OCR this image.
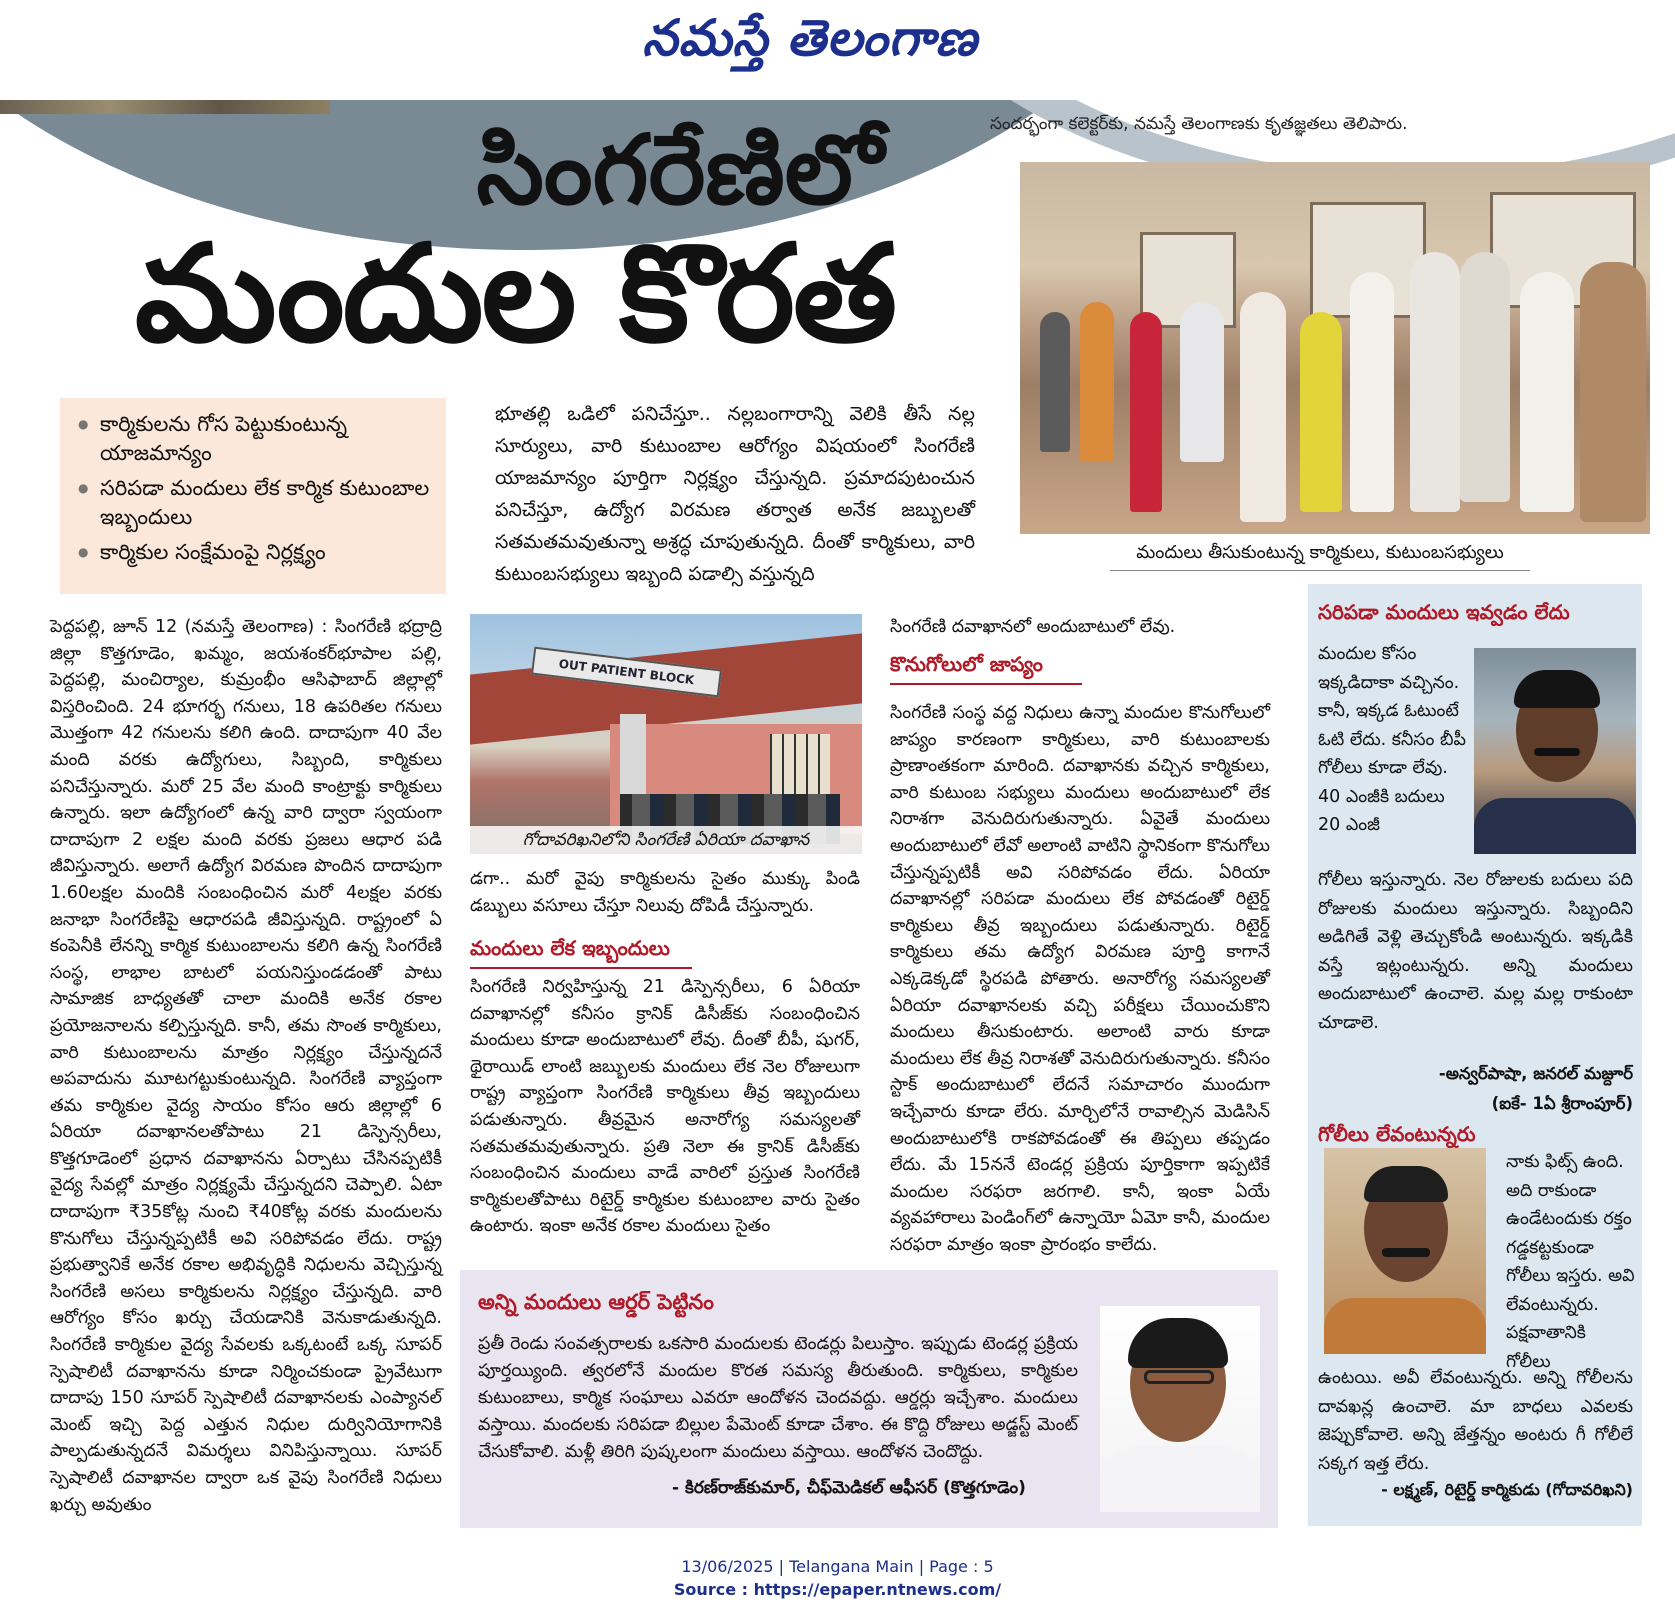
నమస్తే తెలంగాణ
సందర్భంగా కలెక్టర్‌కు, నమస్తే తెలంగాణకు కృతజ్ఞతలు తెలిపారు.
సింగరేణిలో
మందుల కొరత
● కార్మికులను గోస పెట్టుకుంటున్న యాజమాన్యం
● సరిపడా మందులు లేక కార్మిక కుటుంబాల ఇబ్బందులు
● కార్మికుల సంక్షేమంపై నిర్లక్ష్యం
భూతల్లి ఒడిలో పనిచేస్తూ.. నల్లబంగారాన్ని వెలికి తీసే నల్ల సూర్యులు, వారి కుటుంబాల ఆరోగ్యం విషయంలో సింగరేణి యాజమాన్యం పూర్తిగా నిర్లక్ష్యం చేస్తున్నది. ప్రమాదపుటంచున పనిచేస్తూ, ఉద్యోగ విరమణ తర్వాత అనేక జబ్బులతో సతమతమవుతున్నా అశ్రద్ధ చూపుతున్నది. దీంతో కార్మికులు, వారి కుటుంబసభ్యులు ఇబ్బంది పడాల్సి వస్తున్నది
మందులు తీసుకుంటున్న కార్మికులు, కుటుంబసభ్యులు
పెద్దపల్లి, జూన్ 12 (నమస్తే తెలంగాణ) : సింగరేణి భద్రాద్రి జిల్లా కొత్తగూడెం, ఖమ్మం, జయశంకర్‌భూపాల పల్లి, పెద్దపల్లి, మంచిర్యాల, కుమ్రంభీం ఆసిఫాబాద్ జిల్లాల్లో విస్తరించింది. 24 భూగర్భ గనులు, 18 ఉపరితల గనులు మొత్తంగా 42 గనులను కలిగి ఉంది. దాదాపుగా 40 వేల మంది వరకు ఉద్యోగులు, సిబ్బంది, కార్మికులు పనిచేస్తున్నారు. మరో 25 వేల మంది కాంట్రాక్టు కార్మికులు ఉన్నారు. ఇలా ఉద్యోగంలో ఉన్న వారి ద్వారా స్వయంగా దాదాపుగా 2 లక్షల మంది వరకు ప్రజలు ఆధార పడి జీవిస్తున్నారు. అలాగే ఉద్యోగ విరమణ పొందిన దాదాపుగా 1.60లక్షల మందికి సంబంధించిన మరో 4లక్షల వరకు జనాభా సింగరేణిపై ఆధారపడి జీవిస్తున్నది. రాష్ట్రంలో ఏ కంపెనీకి లేనన్ని కార్మిక కుటుంబాలను కలిగి ఉన్న సింగరేణి సంస్థ, లాభాల బాటలో పయనిస్తుండడంతో పాటు సామాజిక బాధ్యతతో చాలా మందికి అనేక రకాల ప్రయోజనాలను కల్పిస్తున్నది. కానీ, తమ సొంత కార్మికులు, వారి కుటుంబాలను మాత్రం నిర్లక్ష్యం చేస్తున్నదనే అపవాదును మూటగట్టుకుంటున్నది. సింగరేణి వ్యాప్తంగా తమ కార్మికుల వైద్య సాయం కోసం ఆరు జిల్లాల్లో 6 ఏరియా దవాఖానలతోపాటు 21 డిస్పెన్సరీలు, కొత్తగూడెంలో ప్రధాన దవాఖానను ఏర్పాటు చేసినప్పటికీ వైద్య సేవల్లో మాత్రం నిర్లక్ష్యమే చేస్తున్నదని చెప్పాలి. ఏటా దాదాపుగా ₹35కోట్ల నుంచి ₹40కోట్ల వరకు మందులను కొనుగోలు చేస్తున్నప్పటికీ అవి సరిపోవడం లేదు. రాష్ట్ర ప్రభుత్వానికే అనేక రకాల అభివృద్ధికి నిధులను వెచ్చిస్తున్న సింగరేణి అసలు కార్మికులను నిర్లక్ష్యం చేస్తున్నది. వారి ఆరోగ్యం కోసం ఖర్చు చేయడానికి వెనుకాడుతున్నది. సింగరేణి కార్మికుల వైద్య సేవలకు ఒక్కటంటే ఒక్క సూపర్ స్పెషాలిటీ దవాఖానను కూడా నిర్మించకుండా ప్రైవేటుగా దాదాపు 150 సూపర్ స్పెషాలిటీ దవాఖానలకు ఎంప్యానల్ మెంట్ ఇచ్చి పెద్ద ఎత్తున నిధుల దుర్వినియోగానికి పాల్పడుతున్నదనే విమర్శలు వినిపిస్తున్నాయి. సూపర్ స్పెషాలిటీ దవాఖానల ద్వారా ఒక వైపు సింగరేణి నిధులు ఖర్చు అవుతుం
OUT PATIENT BLOCK
గోదావరిఖనిలోని సింగరేణి ఏరియా దవాఖాన
డగా.. మరో వైపు కార్మికులను సైతం ముక్కు పిండి డబ్బులు వసూలు చేస్తూ నిలువు దోపిడీ చేస్తున్నారు.
మందులు లేక ఇబ్బందులు
సింగరేణి నిర్వహిస్తున్న 21 డిస్పెన్సరీలు, 6 ఏరియా దవాఖానల్లో కనీసం క్రానిక్ డిసీజ్‌కు సంబంధించిన మందులు కూడా అందుబాటులో లేవు. దీంతో బీపీ, షుగర్, థైరాయిడ్ లాంటి జబ్బులకు మందులు లేక నెల రోజులుగా రాష్ట్ర వ్యాప్తంగా సింగరేణి కార్మికులు తీవ్ర ఇబ్బందులు పడుతున్నారు. తీవ్రమైన అనారోగ్య సమస్యలతో సతమతమవుతున్నారు. ప్రతి నెలా ఈ క్రానిక్ డిసీజ్‌కు సంబంధించిన మందులు వాడే వారిలో ప్రస్తుత సింగరేణి కార్మికులతోపాటు రిటైర్డ్ కార్మికుల కుటుంబాల వారు సైతం ఉంటారు. ఇంకా అనేక రకాల మందులు సైతం
సింగరేణి దవాఖానలో అందుబాటులో లేవు.
కొనుగోలులో జాప్యం
సింగరేణి సంస్థ వద్ద నిధులు ఉన్నా మందుల కొనుగోలులో జాప్యం కారణంగా కార్మికులు, వారి కుటుంబాలకు ప్రాణాంతకంగా మారింది. దవాఖానకు వచ్చిన కార్మికులు, వారి కుటుంబ సభ్యులు మందులు అందుబాటులో లేక నిరాశగా వెనుదిరుగుతున్నారు. ఏవైతే మందులు అందుబాటులో లేవో అలాంటి వాటిని స్థానికంగా కొనుగోలు చేస్తున్నప్పటికీ అవి సరిపోవడం లేదు. ఏరియా దవాఖానల్లో సరిపడా మందులు లేక పోవడంతో రిటైర్డ్ కార్మికులు తీవ్ర ఇబ్బందులు పడుతున్నారు. రిటైర్డ్ కార్మికులు తమ ఉద్యోగ విరమణ పూర్తి కాగానే ఎక్కడెక్కడో స్థిరపడి పోతారు. అనారోగ్య సమస్యలతో ఏరియా దవాఖానలకు వచ్చి పరీక్షలు చేయించుకొని మందులు తీసుకుంటారు. అలాంటి వారు కూడా మందులు లేక తీవ్ర నిరాశతో వెనుదిరుగుతున్నారు. కనీసం స్టాక్ అందుబాటులో లేదనే సమాచారం ముందుగా ఇచ్చేవారు కూడా లేరు. మార్చిలోనే రావాల్సిన మెడిసిన్ అందుబాటులోకి రాకపోవడంతో ఈ తిప్పలు తప్పడం లేదు. మే 15ననే టెండర్ల ప్రక్రియ పూర్తికాగా ఇప్పటికే మందుల సరఫరా జరగాలి. కానీ, ఇంకా ఏయే వ్యవహారాలు పెండింగ్‌లో ఉన్నాయో ఏమో కానీ, మందుల సరఫరా మాత్రం ఇంకా ప్రారంభం కాలేదు.
అన్ని మందులు ఆర్డర్ పెట్టినం
ప్రతీ రెండు సంవత్సరాలకు ఒకసారి మందులకు టెండర్లు పిలుస్తాం. ఇప్పుడు టెండర్ల ప్రక్రియ పూర్తయ్యింది. త్వరలోనే మందుల కొరత సమస్య తీరుతుంది. కార్మికులు, కార్మికుల కుటుంబాలు, కార్మిక సంఘాలు ఎవరూ ఆందోళన చెందవద్దు. ఆర్డర్లు ఇచ్చేశాం. మందులు వస్తాయి. మందలకు సరిపడా బిల్లుల పేమెంట్ కూడా చేశాం. ఈ కొద్ది రోజులు అడ్జస్ట్ మెంట్ చేసుకోవాలి. మళ్లీ తిరిగి పుష్కలంగా మందులు వస్తాయి. ఆందోళన చెందొద్దు.
- కిరణ్‌రాజ్‌కుమార్, చీఫ్‌మెడికల్ ఆఫీసర్ (కొత్తగూడెం)
సరిపడా మందులు ఇవ్వడం లేదు
మందుల కోసం ఇక్కడిదాకా వచ్చినం. కానీ, ఇక్కడ ఓటుంటే ఓటి లేదు. కనీసం బీపీ గోలీలు కూడా లేవు. 40 ఎంజీకి బదులు 20 ఎంజీ
గోలీలు ఇస్తున్నారు. నెల రోజులకు బదులు పది రోజులకు మందులు ఇస్తున్నారు. సిబ్బందిని అడిగితే వెళ్లి తెచ్చుకోండి అంటున్నరు. ఇక్కడికి వస్తే ఇట్లంటున్నరు. అన్ని మందులు అందుబాటులో ఉంచాలె. మల్ల మల్ల రాకుంటా చూడాలె.
-అన్వర్‌పాషా, జనరల్ మజ్దూర్
(ఐకే- 1ఏ శ్రీరాంపూర్)
గోలీలు లేవంటున్నరు
నాకు ఫిట్స్ ఉంది. అది రాకుండా ఉండేటందుకు రక్తం గడ్డకట్టకుండా గోలీలు ఇస్తరు. అవి లేవంటున్నరు. పక్షవాతానికి గోలీలు
ఉంటయి. అవీ లేవంటున్నరు. అన్ని గోలీలను దావఖన్ల ఉంచాలె. మా బాధలు ఎవలకు జెప్పుకోవాలె. అన్ని జేత్తన్నం అంటరు గీ గోలీలే సక్కగ ఇత్త లేరు.
- లక్ష్మణ్, రిటైర్డ్ కార్మికుడు (గోదావరిఖని)
13/06/2025 | Telangana Main | Page : 5
Source : https://epaper.ntnews.com/
